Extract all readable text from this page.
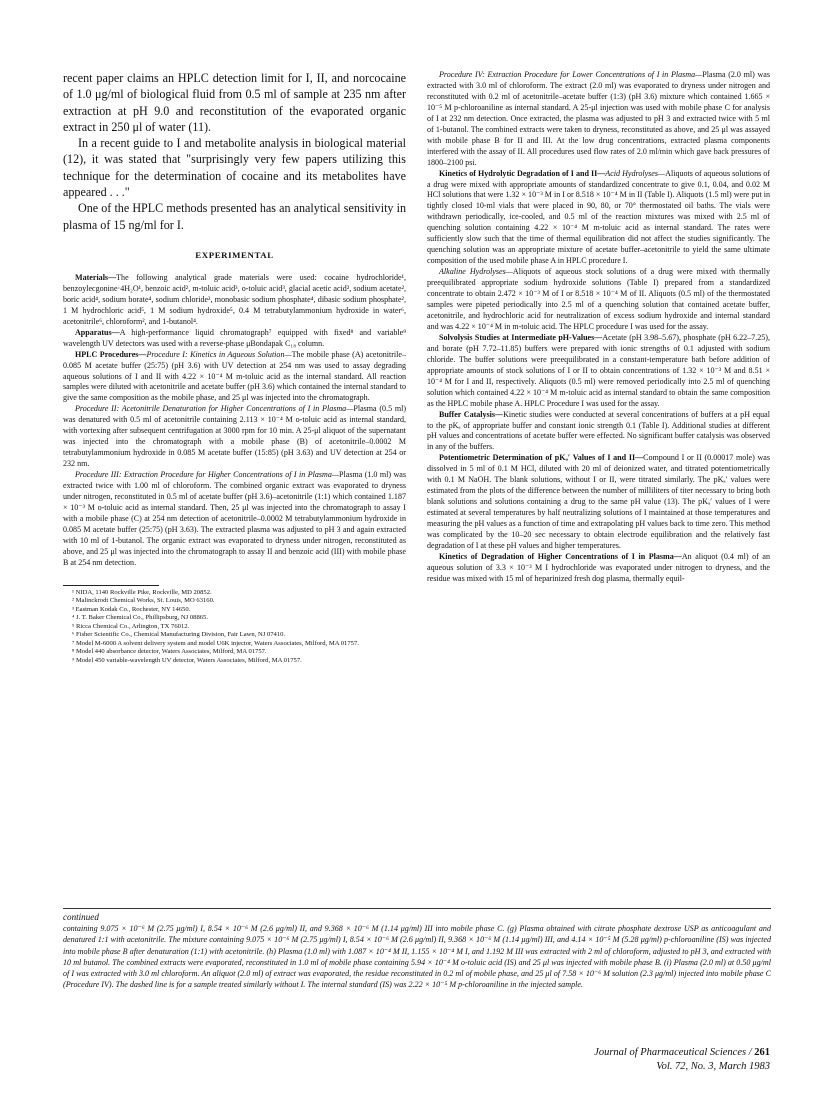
recent paper claims an HPLC detection limit for I, II, and norcocaine of 1.0 μg/ml of biological fluid from 0.5 ml of sample at 235 nm after extraction at pH 9.0 and reconstitution of the evaporated organic extract in 250 μl of water (11).

In a recent guide to I and metabolite analysis in biological material (12), it was stated that "surprisingly very few papers utilizing this technique for the determination of cocaine and its metabolites have appeared . . ."

One of the HPLC methods presented has an analytical sensitivity in plasma of 15 ng/ml for I.

EXPERIMENTAL

Materials—The following analytical grade materials were used: cocaine hydrochloride¹, benzoylecgonine·4H₂O¹, benzoic acid², m-toluic acid³, o-toluic acid³, glacial acetic acid², sodium acetate², boric acid⁴, sodium borate⁴, sodium chloride², monobasic sodium phosphate⁴, dibasic sodium phosphate², 1 M hydrochloric acid⁵, 1 M sodium hydroxide⁵, 0.4 M tetrabutylammonium hydroxide in water⁶, acetonitrile⁶, chloroform², and 1-butanol⁴.

Apparatus—A high-performance liquid chromatograph⁷ equipped with fixed⁸ and variable⁹ wavelength UV detectors was used with a reverse-phase μBondapak C₁₈ column.

HPLC Procedures—Procedure I: Kinetics in Aqueous Solution—The mobile phase (A) acetonitrile–0.085 M acetate buffer (25:75) (pH 3.6) with UV detection at 254 nm was used to assay degrading aqueous solutions of I and II with 4.22 × 10⁻⁴ M m-toluic acid as the internal standard. All reaction samples were diluted with acetonitrile and acetate buffer (pH 3.6) which contained the internal standard to give the same composition as the mobile phase, and 25 μl was injected into the chromatograph.

Procedure II: Acetonitrile Denaturation for Higher Concentrations of I in Plasma—Plasma (0.5 ml) was denatured with 0.5 ml of acetonitrile containing 2.113 × 10⁻⁴ M o-toluic acid as internal standard, with vortexing after subsequent centrifugation at 3000 rpm for 10 min. A 25-μl aliquot of the supernatant was injected into the chromatograph with a mobile phase (B) of acetonitrile–0.0002 M tetrabutylammonium hydroxide in 0.085 M acetate buffer (15:85) (pH 3.63) and UV detection at 254 or 232 nm.

Procedure III: Extraction Procedure for Higher Concentrations of I in Plasma—Plasma (1.0 ml) was extracted twice with 1.00 ml of chloroform. The combined organic extract was evaporated to dryness under nitrogen, reconstituted in 0.5 ml of acetate buffer (pH 3.6)–acetonitrile (1:1) which contained 1.187 × 10⁻³ M o-toluic acid as internal standard. Then, 25 μl was injected into the chromatograph to assay I with a mobile phase (C) at 254 nm detection of acetonitrile–0.0002 M tetrabutylammonium hydroxide in 0.085 M acetate buffer (25:75) (pH 3.63). The extracted plasma was adjusted to pH 3 and again extracted with 10 ml of 1-butanol. The organic extract was evaporated to dryness under nitrogen, reconstituted as above, and 25 μl was injected into the chromatograph to assay II and benzoic acid (III) with mobile phase B at 254 nm detection.

¹ NIDA, 1140 Rockville Pike, Rockville, MD 20852.

² Malinckrodt Chemical Works, St. Louis, MO 63160.

³ Eastman Kodak Co., Rochester, NY 14650.

⁴ J. T. Baker Chemical Co., Phillipsburg, NJ 08865.

⁵ Ricca Chemical Co., Arlington, TX 76012.

⁶ Fisher Scientific Co., Chemical Manufacturing Division, Fair Lawn, NJ 07410.

⁷ Model M-6000 A solvent delivery system and model U6K injector, Waters Associates, Milford, MA 01757.

⁸ Model 440 absorbance detector, Waters Associates, Milford, MA 01757.

⁹ Model 450 variable-wavelength UV detector, Waters Associates, Milford, MA 01757.

Procedure IV: Extraction Procedure for Lower Concentrations of I in Plasma—Plasma (2.0 ml) was extracted with 3.0 ml of chloroform. The extract (2.0 ml) was evaporated to dryness under nitrogen and reconstituted with 0.2 ml of acetonitrile–acetate buffer (1:3) (pH 3.6) mixture which contained 1.665 × 10⁻⁵ M p-chloroaniline as internal standard. A 25-μl injection was used with mobile phase C for analysis of I at 232 nm detection. Once extracted, the plasma was adjusted to pH 3 and extracted twice with 5 ml of 1-butanol. The combined extracts were taken to dryness, reconstituted as above, and 25 μl was assayed with mobile phase B for II and III. At the low drug concentrations, extracted plasma components interfered with the assay of II. All procedures used flow rates of 2.0 ml/min which gave back pressures of 1800–2100 psi.

Kinetics of Hydrolytic Degradation of I and II—Acid Hydrolyses—Aliquots of aqueous solutions of a drug were mixed with appropriate amounts of standardized concentrate to give 0.1, 0.04, and 0.02 M HCl solutions that were 1.32 × 10⁻³ M in I or 8.518 × 10⁻⁴ M in II (Table I). Aliquots (1.5 ml) were put in tightly closed 10-ml vials that were placed in 90, 80, or 70° thermostated oil baths. The vials were withdrawn periodically, ice-cooled, and 0.5 ml of the reaction mixtures was mixed with 2.5 ml of quenching solution containing 4.22 × 10⁻⁴ M m-toluic acid as internal standard. The rates were sufficiently slow such that the time of thermal equilibration did not affect the studies significantly. The quenching solution was an appropriate mixture of acetate buffer–acetonitrile to yield the same ultimate composition of the used mobile phase A in HPLC procedure I.

Alkaline Hydrolyses—Aliquots of aqueous stock solutions of a drug were mixed with thermally preequilibrated appropriate sodium hydroxide solutions (Table I) prepared from a standardized concentrate to obtain 2.472 × 10⁻³ M of I or 8.518 × 10⁻⁴ M of II. Aliquots (0.5 ml) of the thermostated samples were pipeted periodically into 2.5 ml of a quenching solution that contained acetate buffer, acetonitrile, and hydrochloric acid for neutralization of excess sodium hydroxide and internal standard and was 4.22 × 10⁻⁴ M in m-toluic acid. The HPLC procedure I was used for the assay.

Solvolysis Studies at Intermediate pH-Values—Acetate (pH 3.98–5.67), phosphate (pH 6.22–7.25), and borate (pH 7.72–11.85) buffers were prepared with ionic strengths of 0.1 adjusted with sodium chloride. The buffer solutions were preequilibrated in a constant-temperature bath before addition of appropriate amounts of stock solutions of I or II to obtain concentrations of 1.32 × 10⁻³ M and 8.51 × 10⁻⁴ M for I and II, respectively. Aliquots (0.5 ml) were removed periodically into 2.5 ml of quenching solution which contained 4.22 × 10⁻⁴ M m-toluic acid as internal standard to obtain the same composition as the HPLC mobile phase A. HPLC Procedure I was used for the assay.

Buffer Catalysis—Kinetic studies were conducted at several concentrations of buffers at a pH equal to the pKₐ of appropriate buffer and constant ionic strength 0.1 (Table I). Additional studies at different pH values and concentrations of acetate buffer were effected. No significant buffer catalysis was observed in any of the buffers.

Potentiometric Determination of pKₐ′ Values of I and II—Compound I or II (0.00017 mole) was dissolved in 5 ml of 0.1 M HCl, diluted with 20 ml of deionized water, and titrated potentiometrically with 0.1 M NaOH. The blank solutions, without I or II, were titrated similarly. The pKₐ′ values were estimated from the plots of the difference between the number of milliliters of titer necessary to bring both blank solutions and solutions containing a drug to the same pH value (13). The pKₐ′ values of I were estimated at several temperatures by half neutralizing solutions of I maintained at those temperatures and measuring the pH values as a function of time and extrapolating pH values back to time zero. This method was complicated by the 10–20 sec necessary to obtain electrode equilibration and the relatively fast degradation of I at these pH values and higher temperatures.

Kinetics of Degradation of Higher Concentrations of I in Plasma—An aliquot (0.4 ml) of an aqueous solution of 3.3 × 10⁻³ M I hydrochloride was evaporated under nitrogen to dryness, and the residue was mixed with 15 ml of heparinized fresh dog plasma, thermally equil-

continued

containing 9.075 × 10⁻⁶ M (2.75 μg/ml) I, 8.54 × 10⁻⁶ M (2.6 μg/ml) II, and 9.368 × 10⁻⁶ M (1.14 μg/ml) III into mobile phase C. (g) Plasma obtained with citrate phosphate dextrose USP as anticoagulant and denatured 1:1 with acetonitrile. The mixture containing 9.075 × 10⁻⁶ M (2.75 μg/ml) I, 8.54 × 10⁻⁶ M (2.6 μg/ml) II, 9.368 × 10⁻⁶ M (1.14 μg/ml) III, and 4.14 × 10⁻⁵ M (5.28 μg/ml) p-chloroaniline (IS) was injected into mobile phase B after denaturation (1:1) with acetonitrile. (h) Plasma (1.0 ml) with 1.087 × 10⁻⁴ M II, 1.155 × 10⁻⁴ M I, and 1.192 M III was extracted with 2 ml of chloroform, adjusted to pH 3, and extracted with 10 ml butanol. The combined extracts were evaporated, reconstituted in 1.0 ml of mobile phase containing 5.94 × 10⁻⁴ M o-toluic acid (IS) and 25 μl was injected with mobile phase B. (i) Plasma (2.0 ml) at 0.50 μg/ml of I was extracted with 3.0 ml chloroform. An aliquot (2.0 ml) of extract was evaporated, the residue reconstituted in 0.2 ml of mobile phase, and 25 μl of 7.58 × 10⁻⁶ M solution (2.3 μg/ml) injected into mobile phase C (Procedure IV). The dashed line is for a sample treated similarly without I. The internal standard (IS) was 2.22 × 10⁻⁵ M p-chloroaniline in the injected sample.

Journal of Pharmaceutical Sciences / 261
Vol. 72, No. 3, March 1983
